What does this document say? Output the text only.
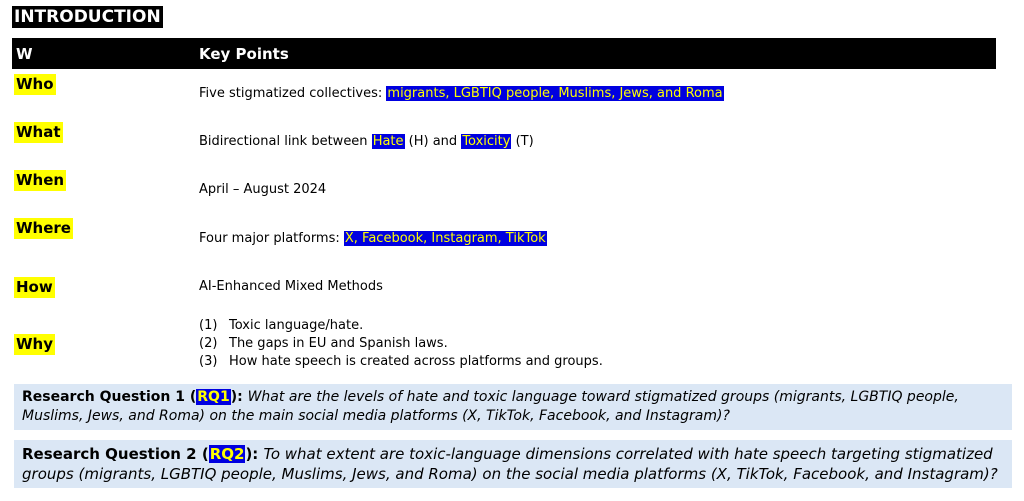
INTRODUCTION
W	Key Points
Who
Five stigmatized collectives: migrants, LGBTIQ people, Muslims, Jews, and Roma
What
Bidirectional link between Hate (H) and Toxicity (T)
When
April – August 2024
Where
Four major platforms: X, Facebook, Instagram, TikTok
How	AI-Enhanced Mixed Methods
Why
(1) Toxic language/hate.
(2) The gaps in EU and Spanish laws.
(3) How hate speech is created across platforms and groups.
Research Question 1 (RQ1): What are the levels of hate and toxic language toward stigmatized groups (migrants, LGBTIQ people, Muslims, Jews, and Roma) on the main social media platforms (X, TikTok, Facebook, and Instagram)?
Research Question 2 (RQ2): To what extent are toxic-language dimensions correlated with hate speech targeting stigmatized groups (migrants, LGBTIQ people, Muslims, Jews, and Roma) on the social media platforms (X, TikTok, Facebook, and Instagram)?
